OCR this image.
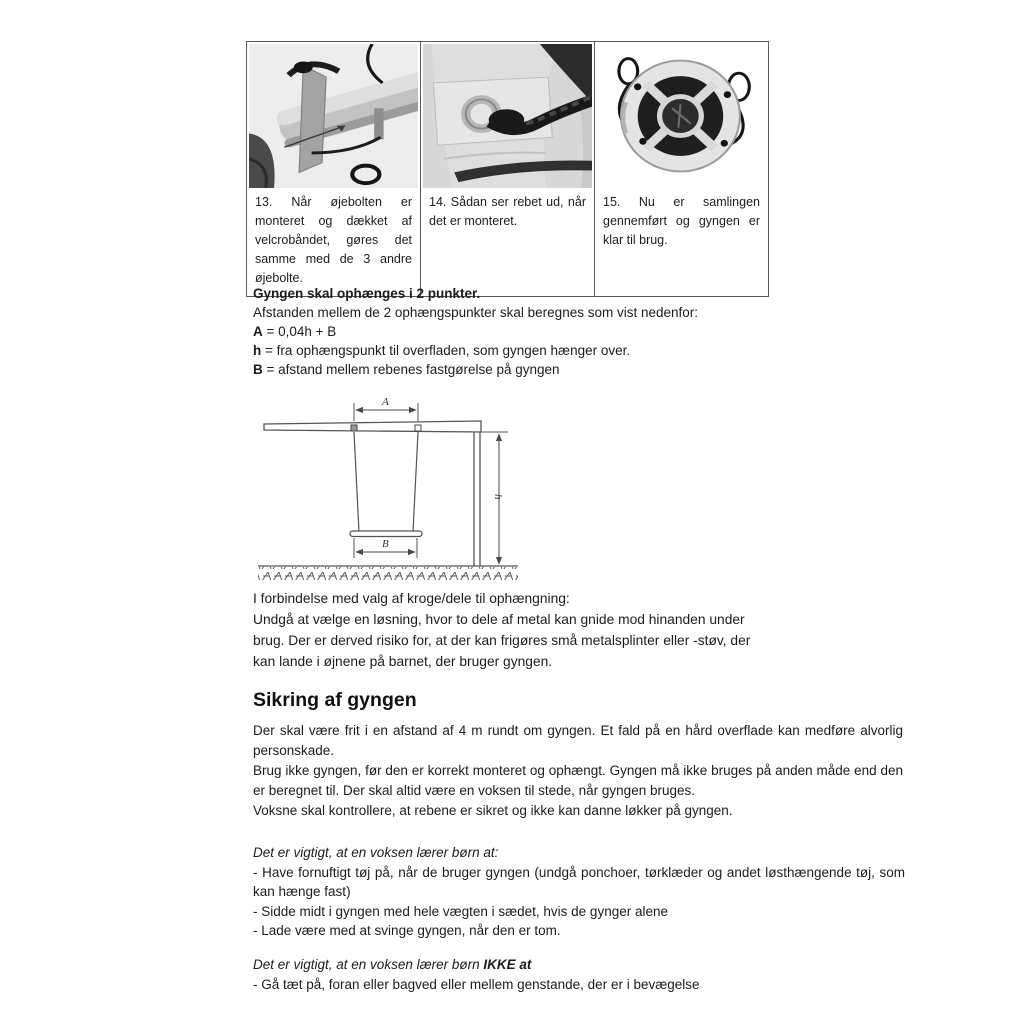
13. Når øjebolten er monteret og dækket af velcrobåndet, gøres det samme med de 3 andre øjebolte.
14. Sådan ser rebet ud, når det er monteret.
15. Nu er samlingen gennemført og gyngen er klar til brug.
Gyngen skal ophænges i 2 punkter.
Afstanden mellem de 2 ophængspunkter skal beregnes som vist nedenfor:
A = 0,04h + B
h = fra ophængspunkt til overfladen, som gyngen hænger over.
B = afstand mellem rebenes fastgørelse på gyngen
A
B
h
I forbindelse med valg af kroge/dele til ophængning:
Undgå at vælge en løsning, hvor to dele af metal kan gnide mod hinanden under brug. Der er derved risiko for, at der kan frigøres små metalsplinter eller -støv, der kan lande i øjnene på barnet, der bruger gyngen.
Sikring af gyngen

Der skal være frit i en afstand af 4 m rundt om gyngen. Et fald på en hård overflade kan medføre alvorlig personskade.

Brug ikke gyngen, før den er korrekt monteret og ophængt. Gyngen må ikke bruges på anden måde end den er beregnet til. Der skal altid være en voksen til stede, når gyngen bruges.

Voksne skal kontrollere, at rebene er sikret og ikke kan danne løkker på gyngen.

Det er vigtigt, at en voksen lærer børn at:
- Have fornuftigt tøj på, når de bruger gyngen (undgå ponchoer, tørklæder og andet løsthængende tøj, som kan hænge fast)
- Sidde midt i gyngen med hele vægten i sædet, hvis de gynger alene
- Lade være med at svinge gyngen, når den er tom.
Det er vigtigt, at en voksen lærer børn IKKE at
- Gå tæt på, foran eller bagved eller mellem genstande, der er i bevægelse
